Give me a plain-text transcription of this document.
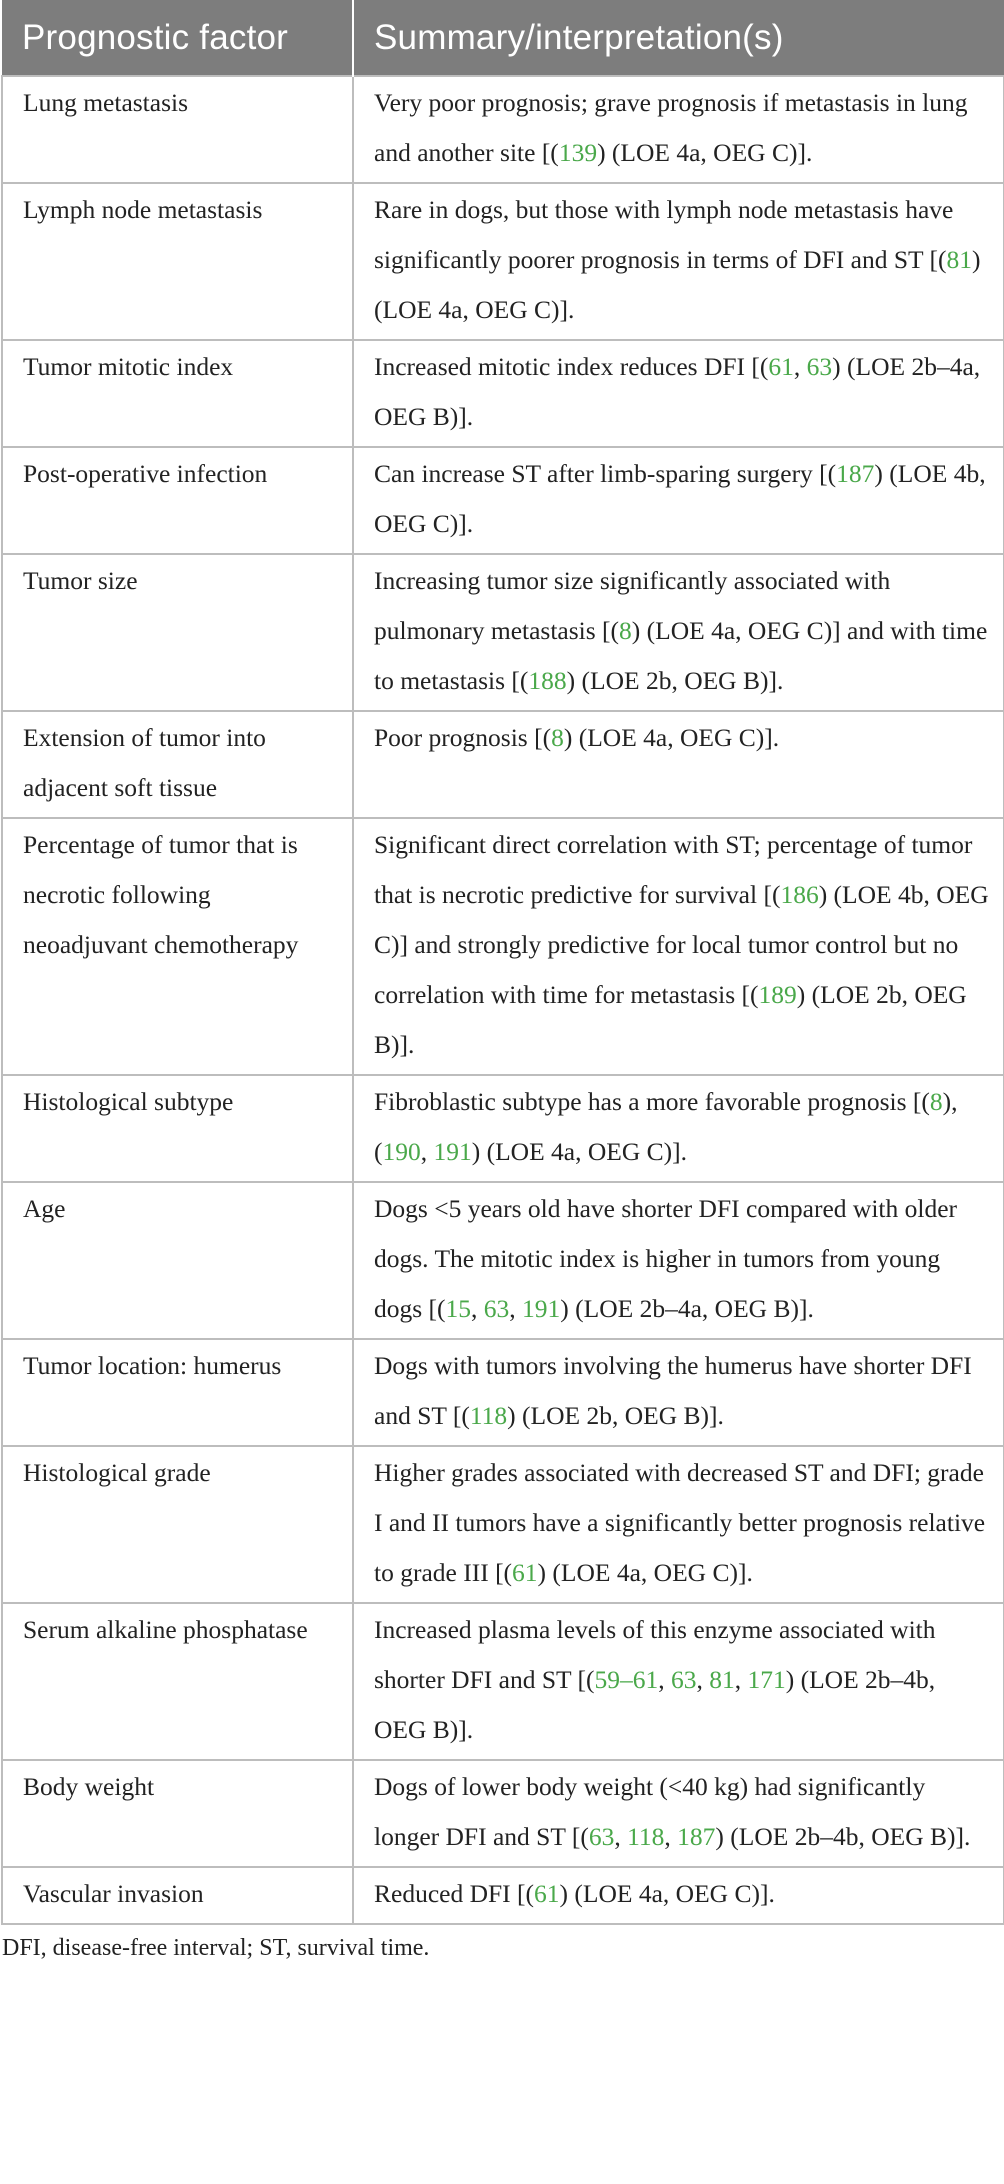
Prognostic factor	Summary/interpretation(s)
Lung metastasis	Very poor prognosis; grave prognosis if metastasis in lung and another site [(139) (LOE 4a, OEG C)].
Lymph node metastasis	Rare in dogs, but those with lymph node metastasis have significantly poorer prognosis in terms of DFI and ST [(81) (LOE 4a, OEG C)].
Tumor mitotic index	Increased mitotic index reduces DFI [(61, 63) (LOE 2b–4a, OEG B)].
Post-operative infection	Can increase ST after limb-sparing surgery [(187) (LOE 4b, OEG C)].
Tumor size	Increasing tumor size significantly associated with pulmonary metastasis [(8) (LOE 4a, OEG C)] and with time to metastasis [(188) (LOE 2b, OEG B)].
Extension of tumor into adjacent soft tissue	Poor prognosis [(8) (LOE 4a, OEG C)].
Percentage of tumor that is necrotic following neoadjuvant chemotherapy	Significant direct correlation with ST; percentage of tumor that is necrotic predictive for survival [(186) (LOE 4b, OEG C)] and strongly predictive for local tumor control but no correlation with time for metastasis [(189) (LOE 2b, OEG B)].
Histological subtype	Fibroblastic subtype has a more favorable prognosis [(8), (190, 191) (LOE 4a, OEG C)].
Age	Dogs <5 years old have shorter DFI compared with older dogs. The mitotic index is higher in tumors from young dogs [(15, 63, 191) (LOE 2b–4a, OEG B)].
Tumor location: humerus	Dogs with tumors involving the humerus have shorter DFI and ST [(118) (LOE 2b, OEG B)].
Histological grade	Higher grades associated with decreased ST and DFI; grade I and II tumors have a significantly better prognosis relative to grade III [(61) (LOE 4a, OEG C)].
Serum alkaline phosphatase	Increased plasma levels of this enzyme associated with shorter DFI and ST [(59–61, 63, 81, 171) (LOE 2b–4b, OEG B)].
Body weight	Dogs of lower body weight (<40 kg) had significantly longer DFI and ST [(63, 118, 187) (LOE 2b–4b, OEG B)].
Vascular invasion	Reduced DFI [(61) (LOE 4a, OEG C)].
DFI, disease-free interval; ST, survival time.
